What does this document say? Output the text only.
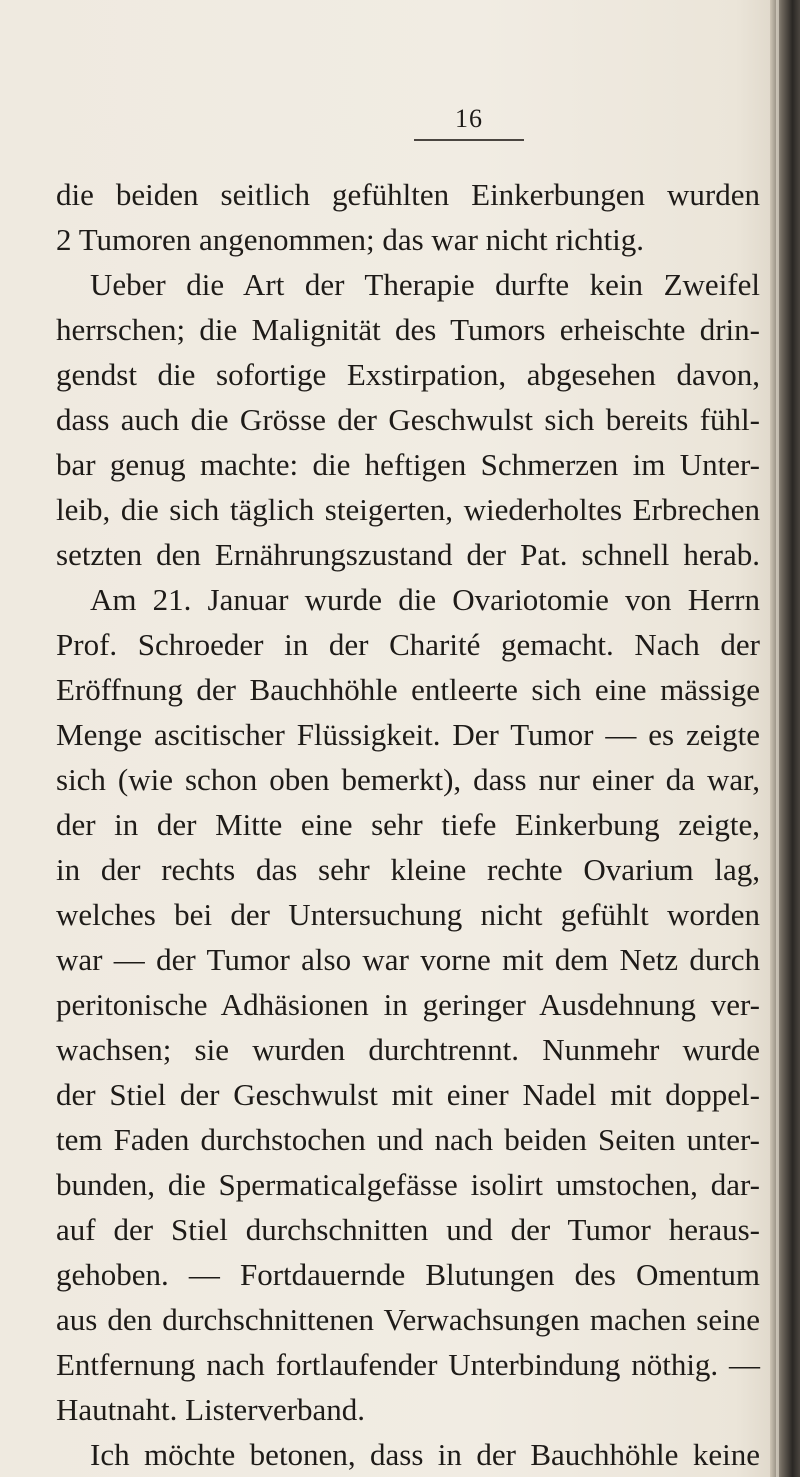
16
die beiden seitlich gefühlten Einkerbungen wurden
2 Tumoren angenommen; das war nicht richtig.
Ueber die Art der Therapie durfte kein Zweifel
herrschen; die Malignität des Tumors erheischte drin-
gendst die sofortige Exstirpation, abgesehen davon,
dass auch die Grösse der Geschwulst sich bereits fühl-
bar genug machte: die heftigen Schmerzen im Unter-
leib, die sich täglich steigerten, wiederholtes Erbrechen
setzten den Ernährungszustand der Pat. schnell herab.
Am 21. Januar wurde die Ovariotomie von Herrn
Prof. Schroeder in der Charité gemacht. Nach der
Eröffnung der Bauchhöhle entleerte sich eine mässige
Menge ascitischer Flüssigkeit. Der Tumor — es zeigte
sich (wie schon oben bemerkt), dass nur einer da war,
der in der Mitte eine sehr tiefe Einkerbung zeigte,
in der rechts das sehr kleine rechte Ovarium lag,
welches bei der Untersuchung nicht gefühlt worden
war — der Tumor also war vorne mit dem Netz durch
peritonische Adhäsionen in geringer Ausdehnung ver-
wachsen; sie wurden durchtrennt. Nunmehr wurde
der Stiel der Geschwulst mit einer Nadel mit doppel-
tem Faden durchstochen und nach beiden Seiten unter-
bunden, die Spermaticalgefässe isolirt umstochen, dar-
auf der Stiel durchschnitten und der Tumor heraus-
gehoben. — Fortdauernde Blutungen des Omentum
aus den durchschnittenen Verwachsungen machen seine
Entfernung nach fortlaufender Unterbindung nöthig. —
Hautnaht. Listerverband.
Ich möchte betonen, dass in der Bauchhöhle keine
